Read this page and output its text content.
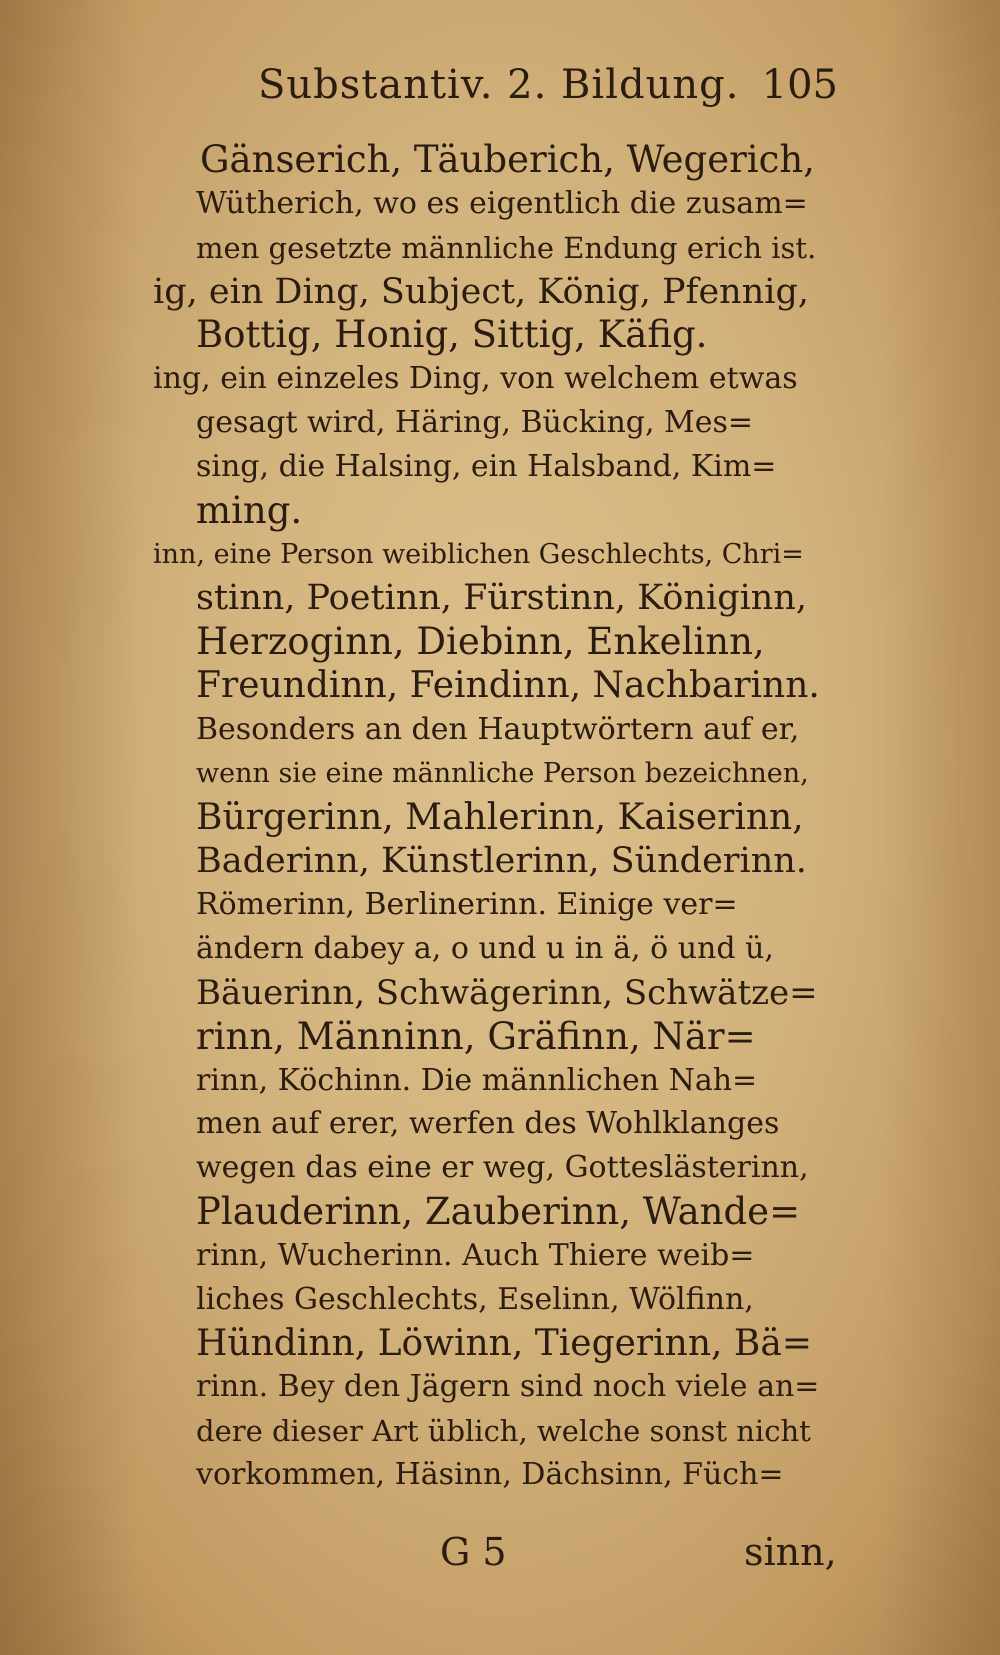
Substantiv. 2. Bildung. 105
Gänserich, Täuberich, Wegerich,
Wütherich, wo es eigentlich die zusam=
men gesetzte männliche Endung erich ist.
ig, ein Ding, Subject, König, Pfennig,
Bottig, Honig, Sittig, Käfig.
ing, ein einzeles Ding, von welchem etwas
gesagt wird, Häring, Bücking, Mes=
sing, die Halsing, ein Halsband, Kim=
ming.
inn, eine Person weiblichen Geschlechts, Chri=
stinn, Poetinn, Fürstinn, Königinn,
Herzoginn, Diebinn, Enkelinn,
Freundinn, Feindinn, Nachbarinn.
Besonders an den Hauptwörtern auf er,
wenn sie eine männliche Person bezeichnen,
Bürgerinn, Mahlerinn, Kaiserinn,
Baderinn, Künstlerinn, Sünderinn.
Römerinn, Berlinerinn. Einige ver=
ändern dabey a, o und u in ä, ö und ü,
Bäuerinn, Schwägerinn, Schwätze=
rinn, Männinn, Gräfinn, När=
rinn, Köchinn. Die männlichen Nah=
men auf erer, werfen des Wohlklanges
wegen das eine er weg, Gotteslästerinn,
Plauderinn, Zauberinn, Wande=
rinn, Wucherinn. Auch Thiere weib=
liches Geschlechts, Eselinn, Wölfinn,
Hündinn, Löwinn, Tiegerinn, Bä=
rinn. Bey den Jägern sind noch viele an=
dere dieser Art üblich, welche sonst nicht
vorkommen, Häsinn, Dächsinn, Füch=
G 5	sinn,
